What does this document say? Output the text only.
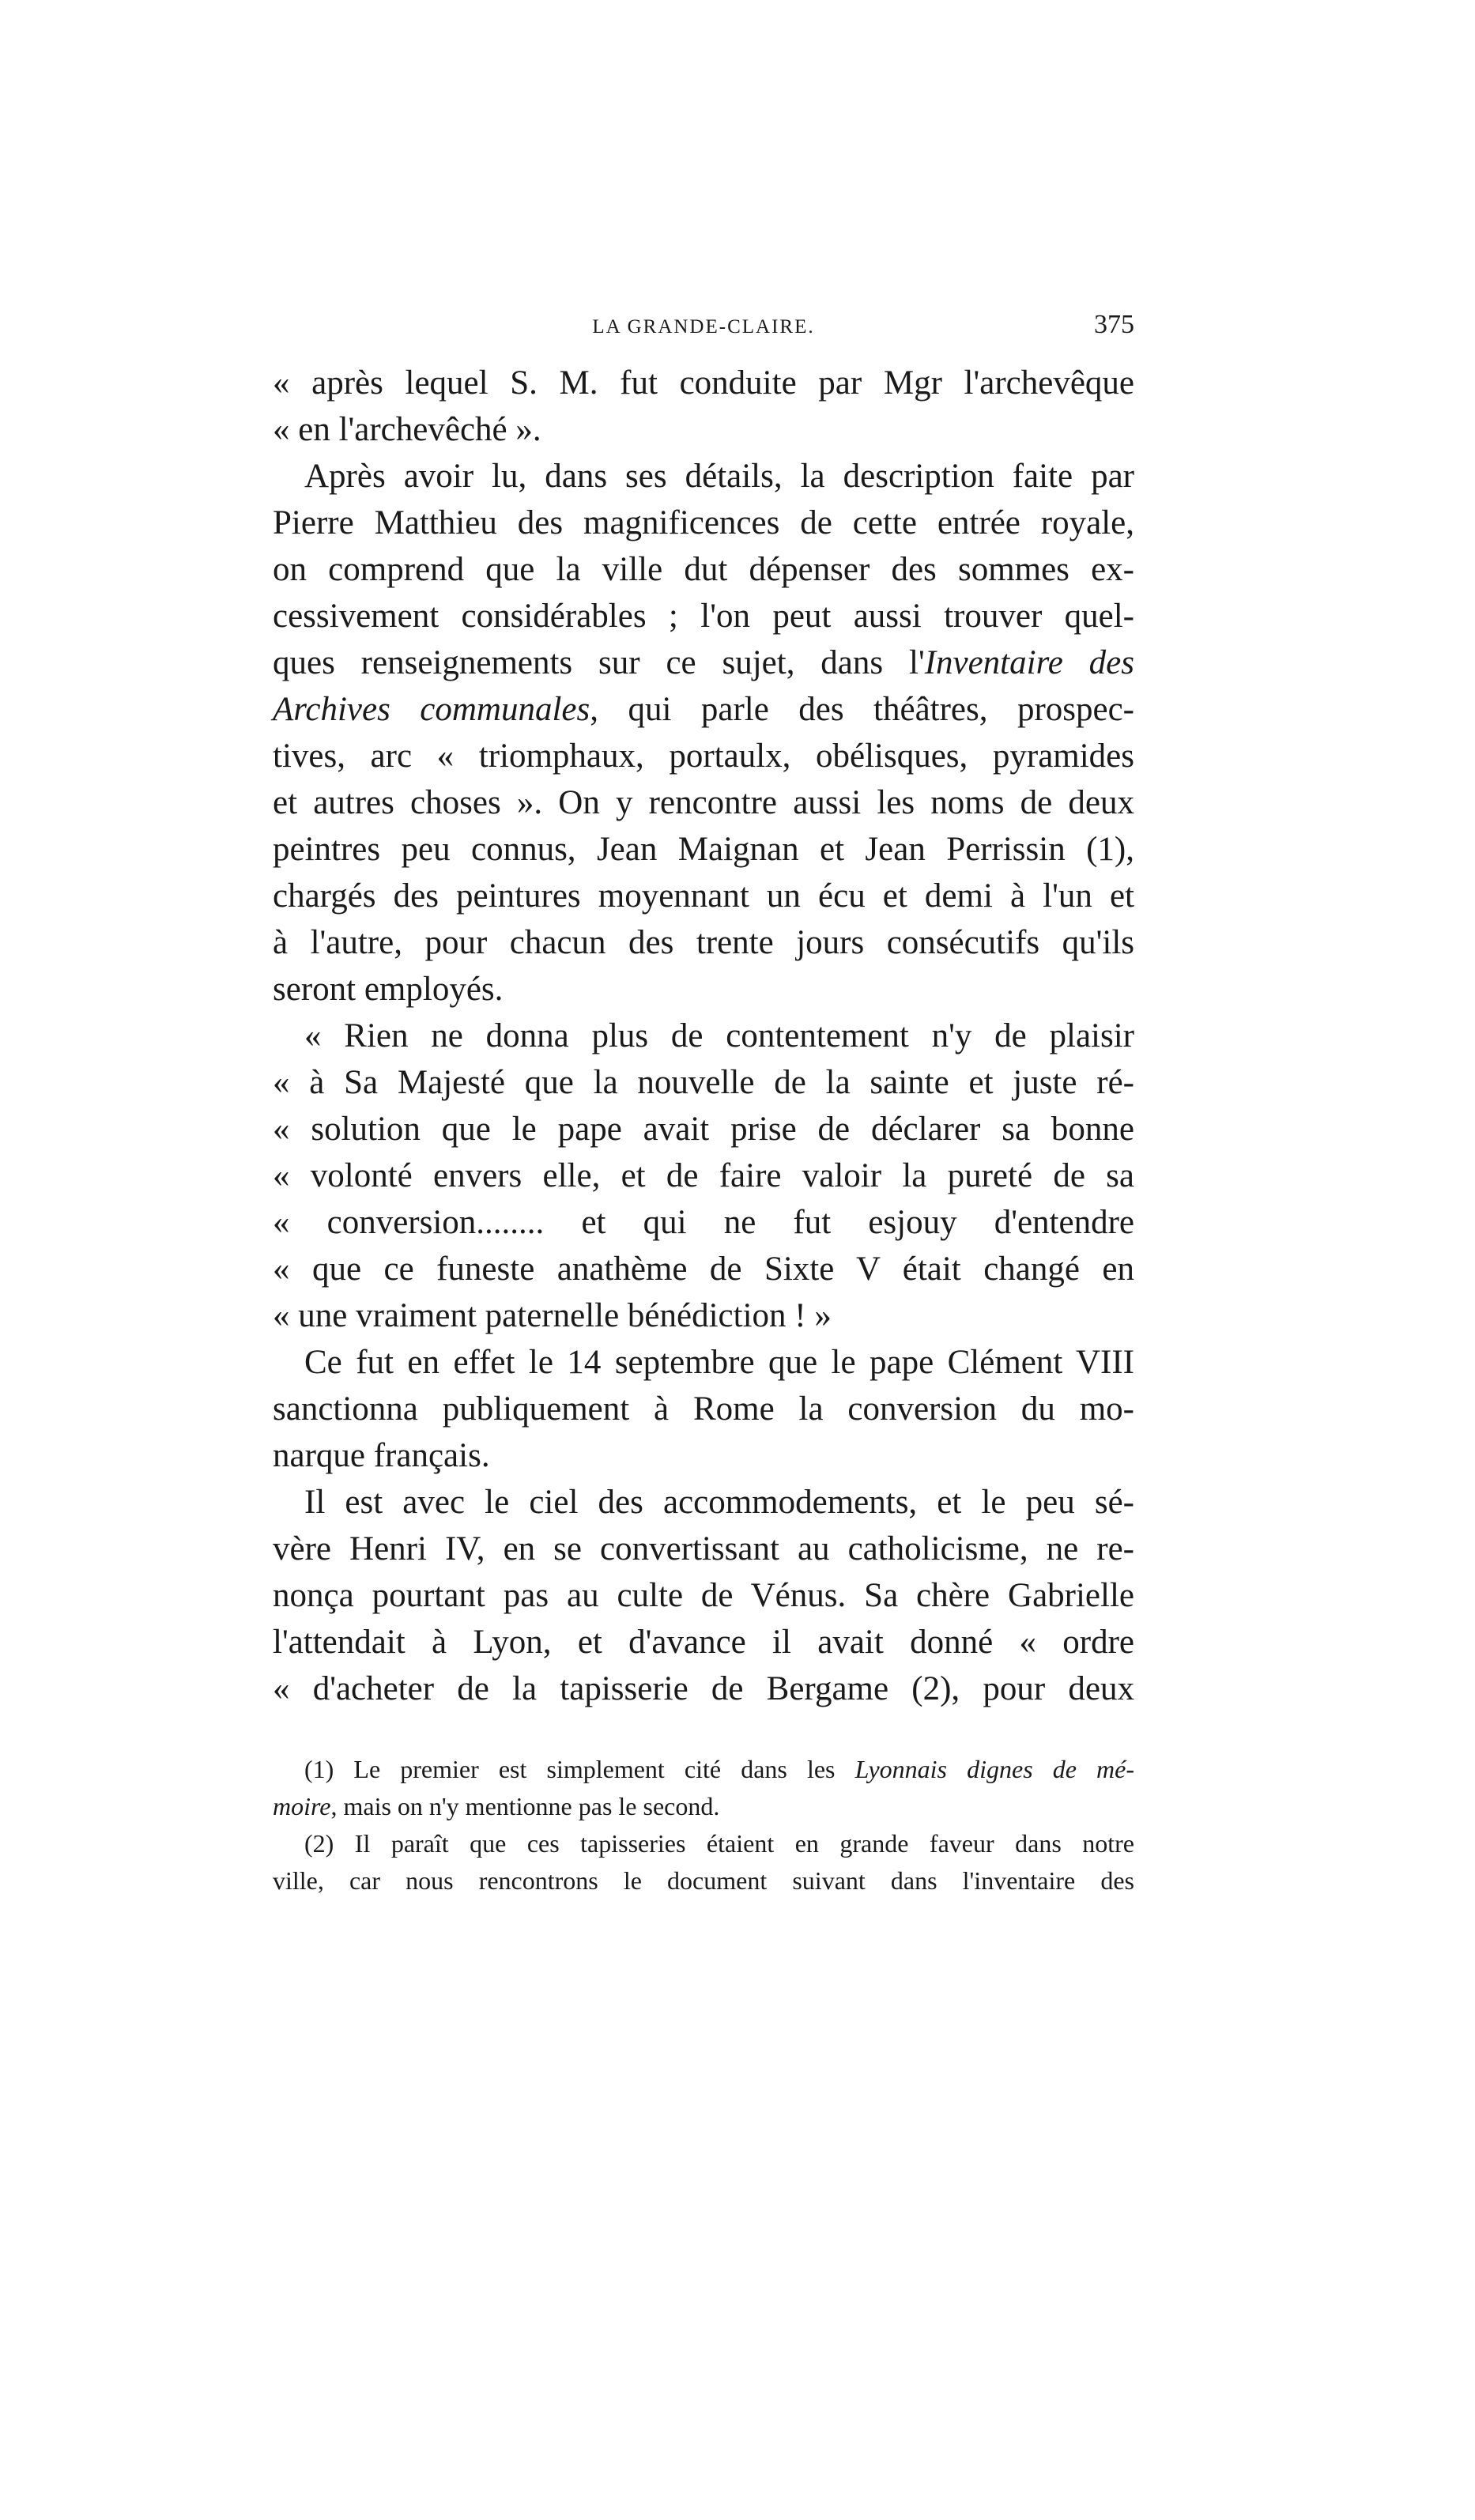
LA GRANDE-CLAIRE.	375
« après lequel S. M. fut conduite par Mgr l'archevêque
« en l'archevêché ».
Après avoir lu, dans ses détails, la description faite par
Pierre Matthieu des magnificences de cette entrée royale,
on comprend que la ville dut dépenser des sommes ex-
cessivement considérables ; l'on peut aussi trouver quel-
ques renseignements sur ce sujet, dans l'Inventaire des
Archives communales, qui parle des théâtres, prospec-
tives, arc « triomphaux, portaulx, obélisques, pyramides
et autres choses ». On y rencontre aussi les noms de deux
peintres peu connus, Jean Maignan et Jean Perrissin (1),
chargés des peintures moyennant un écu et demi à l'un et
à l'autre, pour chacun des trente jours consécutifs qu'ils
seront employés.
« Rien ne donna plus de contentement n'y de plaisir
« à Sa Majesté que la nouvelle de la sainte et juste ré-
« solution que le pape avait prise de déclarer sa bonne
« volonté envers elle, et de faire valoir la pureté de sa
« conversion........ et qui ne fut esjouy d'entendre
« que ce funeste anathème de Sixte V était changé en
« une vraiment paternelle bénédiction ! »
Ce fut en effet le 14 septembre que le pape Clément VIII
sanctionna publiquement à Rome la conversion du mo-
narque français.
Il est avec le ciel des accommodements, et le peu sé-
vère Henri IV, en se convertissant au catholicisme, ne re-
nonça pourtant pas au culte de Vénus. Sa chère Gabrielle
l'attendait à Lyon, et d'avance il avait donné « ordre
« d'acheter de la tapisserie de Bergame (2), pour deux
(1) Le premier est simplement cité dans les Lyonnais dignes de mé-
moire, mais on n'y mentionne pas le second.
(2) Il paraît que ces tapisseries étaient en grande faveur dans notre
ville, car nous rencontrons le document suivant dans l'inventaire des
